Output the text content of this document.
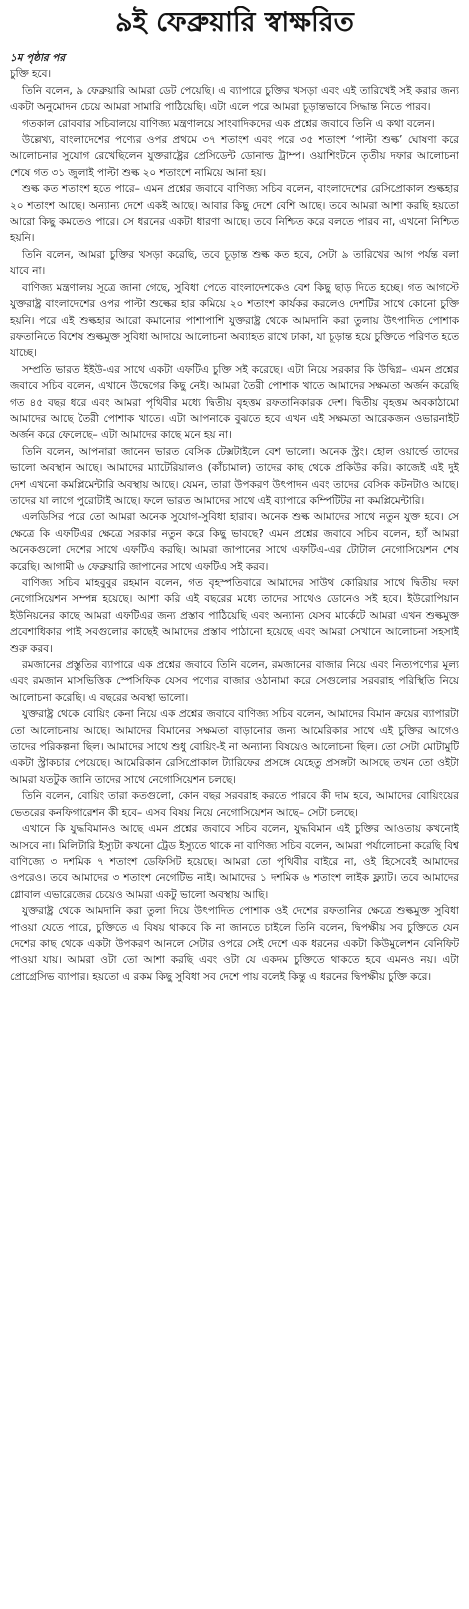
৯ই ফেব্রুয়ারি স্বাক্ষরিত

১ম পৃষ্ঠার পর

চুক্তি হবে।

তিনি বলেন, ৯ ফেব্রুয়ারি আমরা ডেট পেয়েছি। এ ব্যাপারে চুক্তির খসড়া এবং এই তারিখেই সই করার জন্য একটা অনুমোদন চেয়ে আমরা সামারি পাঠিয়েছি। এটা এলে পরে আমরা চূড়ান্তভাবে সিদ্ধান্ত নিতে পারব।

গতকাল রোববার সচিবালয়ে বাণিজ্য মন্ত্রণালয়ে সাংবাদিকদের এক প্রশ্নের জবাবে তিনি এ কথা বলেন।

উল্লেখ্য, বাংলাদেশের পণ্যের ওপর প্রথমে ৩৭ শতাংশ এবং পরে ৩৫ শতাংশ ‘পাল্টা শুল্ক’ ঘোষণা করে আলোচনার সুযোগ রেখেছিলেন যুক্তরাষ্ট্রের প্রেসিডেন্ট ডোনাল্ড ট্রাম্প। ওয়াশিংটনে তৃতীয় দফার আলোচনা শেষে গত ৩১ জুলাই পাল্টা শুল্ক ২০ শতাংশে নামিয়ে আনা হয়।

শুল্ক কত শতাংশ হতে পারে– এমন প্রশ্নের জবাবে বাণিজ্য সচিব বলেন, বাংলাদেশের রেসিপ্রোকাল শুল্কহার ২০ শতাংশ আছে। অন্যান্য দেশে একই আছে। আবার কিছু দেশে বেশি আছে। তবে আমরা আশা করছি হয়তো আরো কিছু কমতেও পারে। সে ধরনের একটা ধারণা আছে। তবে নিশ্চিত করে বলতে পারব না, এখনো নিশ্চিত হয়নি।

তিনি বলেন, আমরা চুক্তির খসড়া করেছি, তবে চূড়ান্ত শুল্ক কত হবে, সেটা ৯ তারিখের আগ পর্যন্ত বলা যাবে না।

বাণিজ্য মন্ত্রণালয় সূত্রে জানা গেছে, সুবিধা পেতে বাংলাদেশকেও বেশ কিছু ছাড় দিতে হচ্ছে। গত আগস্টে যুক্তরাষ্ট্র বাংলাদেশের ওপর পাল্টা শুল্কের হার কমিয়ে ২০ শতাংশ কার্যকর করলেও দেশটির সাথে কোনো চুক্তি হয়নি। পরে এই শুল্কহার আরো কমানোর পাশাপাশি যুক্তরাষ্ট্র থেকে আমদানি করা তুলায় উৎপাদিত পোশাক রফতানিতে বিশেষ শুল্কমুক্ত সুবিধা আদায়ে আলোচনা অব্যাহত রাখে ঢাকা, যা চূড়ান্ত হয়ে চুক্তিতে পরিণত হতে যাচ্ছে।

সম্প্রতি ভারত ইইউ-এর সাথে একটা এফটিএ চুক্তি সই করেছে। এটা নিয়ে সরকার কি উদ্বিগ্ন– এমন প্রশ্নের জবাবে সচিব বলেন, এখানে উদ্বেগের কিছু নেই। আমরা তৈরী পোশাক খাতে আমাদের সক্ষমতা অর্জন করেছি গত ৪৫ বছর ধরে এবং আমরা পৃথিবীর মধ্যে দ্বিতীয় বৃহত্তম রফতানিকারক দেশ। দ্বিতীয় বৃহত্তম অবকাঠামো আমাদের আছে তৈরী পোশাক খাতে। এটা আপনাকে বুঝতে হবে এখন এই সক্ষমতা আরেকজন ওভারনাইট অর্জন করে ফেলেছে– এটা আমাদের কাছে মনে হয় না।

তিনি বলেন, আপনারা জানেন ভারত বেসিক টেক্সটাইলে বেশ ভালো। অনেক স্ট্রং। হোল ওয়ার্ল্ডে তাদের ভালো অবস্থান আছে। আমাদের ম্যাটেরিয়ালও (কাঁচামাল) তাদের কাছ থেকে প্রকিউর করি। কাজেই এই দুই দেশ এখনো কমপ্লিমেন্টারি অবস্থায় আছে। যেমন, তারা উপকরণ উৎপাদন এবং তাদের বেসিক কটনটাও আছে। তাদের যা লাগে পুরোটাই আছে। ফলে ভারত আমাদের সাথে এই ব্যাপারে কম্পিটিটর না কমপ্লিমেন্টারি।

এলডিসির পরে তো আমরা অনেক সুযোগ-সুবিধা হারাব। অনেক শুল্ক আমাদের সাথে নতুন যুক্ত হবে। সে ক্ষেত্রে কি এফটিএর ক্ষেত্রে সরকার নতুন করে কিছু ভাবছে? এমন প্রশ্নের জবাবে সচিব বলেন, হ্যাঁ আমরা অনেকগুলো দেশের সাথে এফটিএ করছি। আমরা জাপানের সাথে এফটিএ-এর টোটাল নেগোসিয়েশন শেষ করেছি। আগামী ৬ ফেব্রুয়ারি জাপানের সাথে এফটিএ সই করব।

বাণিজ্য সচিব মাহবুবুর রহমান বলেন, গত বৃহস্পতিবারে আমাদের সাউথ কোরিয়ার সাথে দ্বিতীয় দফা নেগোসিয়েশন সম্পন্ন হয়েছে। আশা করি এই বছরের মধ্যে তাদের সাথেও ডোনেও সই হবে। ইউরোপিয়ান ইউনিয়নের কাছে আমরা এফটিএর জন্য প্রস্তাব পাঠিয়েছি এবং অন্যান্য যেসব মার্কেটে আমরা এখন শুল্কমুক্ত প্রবেশাধিকার পাই সবগুলোর কাছেই আমাদের প্রস্তাব পাঠানো হয়েছে এবং আমরা সেখানে আলোচনা সহসাই শুরু করব।

রমজানের প্রস্তুতির ব্যাপারে এক প্রশ্নের জবাবে তিনি বলেন, রমজানের বাজার নিয়ে এবং নিত্যপণ্যের মূল্য এবং রমজান মাসভিত্তিক স্পেসিফিক যেসব পণ্যের বাজার ওঠানামা করে সেগুলোর সরবরাহ পরিস্থিতি নিয়ে আলোচনা করেছি। এ বছরের অবস্থা ভালো।

যুক্তরাষ্ট্র থেকে বোয়িং কেনা নিয়ে এক প্রশ্নের জবাবে বাণিজ্য সচিব বলেন, আমাদের বিমান ক্রয়ের ব্যাপারটা তো আলোচনায় আছে। আমাদের বিমানের সক্ষমতা বাড়ানোর জন্য আমেরিকার সাথে এই চুক্তির আগেও তাদের পরিকল্পনা ছিল। আমাদের সাথে শুধু বোয়িং-ই না অন্যান্য বিষয়েও আলোচনা ছিল। তো সেটা মোটামুটি একটা স্ট্রাকচার পেয়েছে। আমেরিকান রেসিপ্রোকাল ট্যারিফের প্রসঙ্গে যেহেতু প্রসঙ্গটা আসছে তখন তো ওইটা আমরা যতটুক জানি তাদের সাথে নেগোসিয়েশন চলছে।

তিনি বলেন, বোয়িং তারা কতগুলো, কোন বছর সরবরাহ করতে পারবে কী দাম হবে, আমাদের বোয়িংয়ের ভেতরের কনফিগারেশন কী হবে– এসব বিষয় নিয়ে নেগোসিয়েশন আছে– সেটা চলছে।

এখানে কি যুদ্ধবিমানও আছে এমন প্রশ্নের জবাবে সচিব বলেন, যুদ্ধবিমান এই চুক্তির আওতায় কখনোই আসবে না। মিলিটারি ইস্যুটা কখনো ট্রেড ইস্যুতে থাকে না বাণিজ্য সচিব বলেন, আমরা পর্যালোচনা করেছি বিশ্ব বাণিজ্যে ৩ দশমিক ৭ শতাংশ ডেফিসিট হয়েছে। আমরা তো পৃথিবীর বাইরে না, ওই হিসেবেই আমাদের ওপরেও। তবে আমাদের ৩ শতাংশ নেগেটিভ নাই। আমাদের ১ দশমিক ৬ শতাংশ লাইক ফ্ল্যাট। তবে আমাদের গ্লোবাল এভারেজের চেয়েও আমরা একটু ভালো অবস্থায় আছি।

যুক্তরাষ্ট্র থেকে আমদানি করা তুলা দিয়ে উৎপাদিত পোশাক ওই দেশের রফতানির ক্ষেত্রে শুল্কমুক্ত সুবিধা পাওয়া যেতে পারে, চুক্তিতে এ বিষয় থাকবে কি না জানতে চাইলে তিনি বলেন, দ্বিপক্ষীয় সব চুক্তিতে যেন দেশের কাছ থেকে একটা উপকরণ আনলে সেটার ওপরে সেই দেশে এক ধরনের একটা কিউমুলেশন বেনিফিট পাওয়া যায়। আমরা ওটা তো আশা করছি এবং ওটা যে একদম চুক্তিতে থাকতে হবে এমনও নয়। এটা প্রোগ্রেসিভ ব্যাপার। হয়তো এ রকম কিছু সুবিধা সব দেশে পায় বলেই কিন্তু এ ধরনের দ্বিপক্ষীয় চুক্তি করে।
